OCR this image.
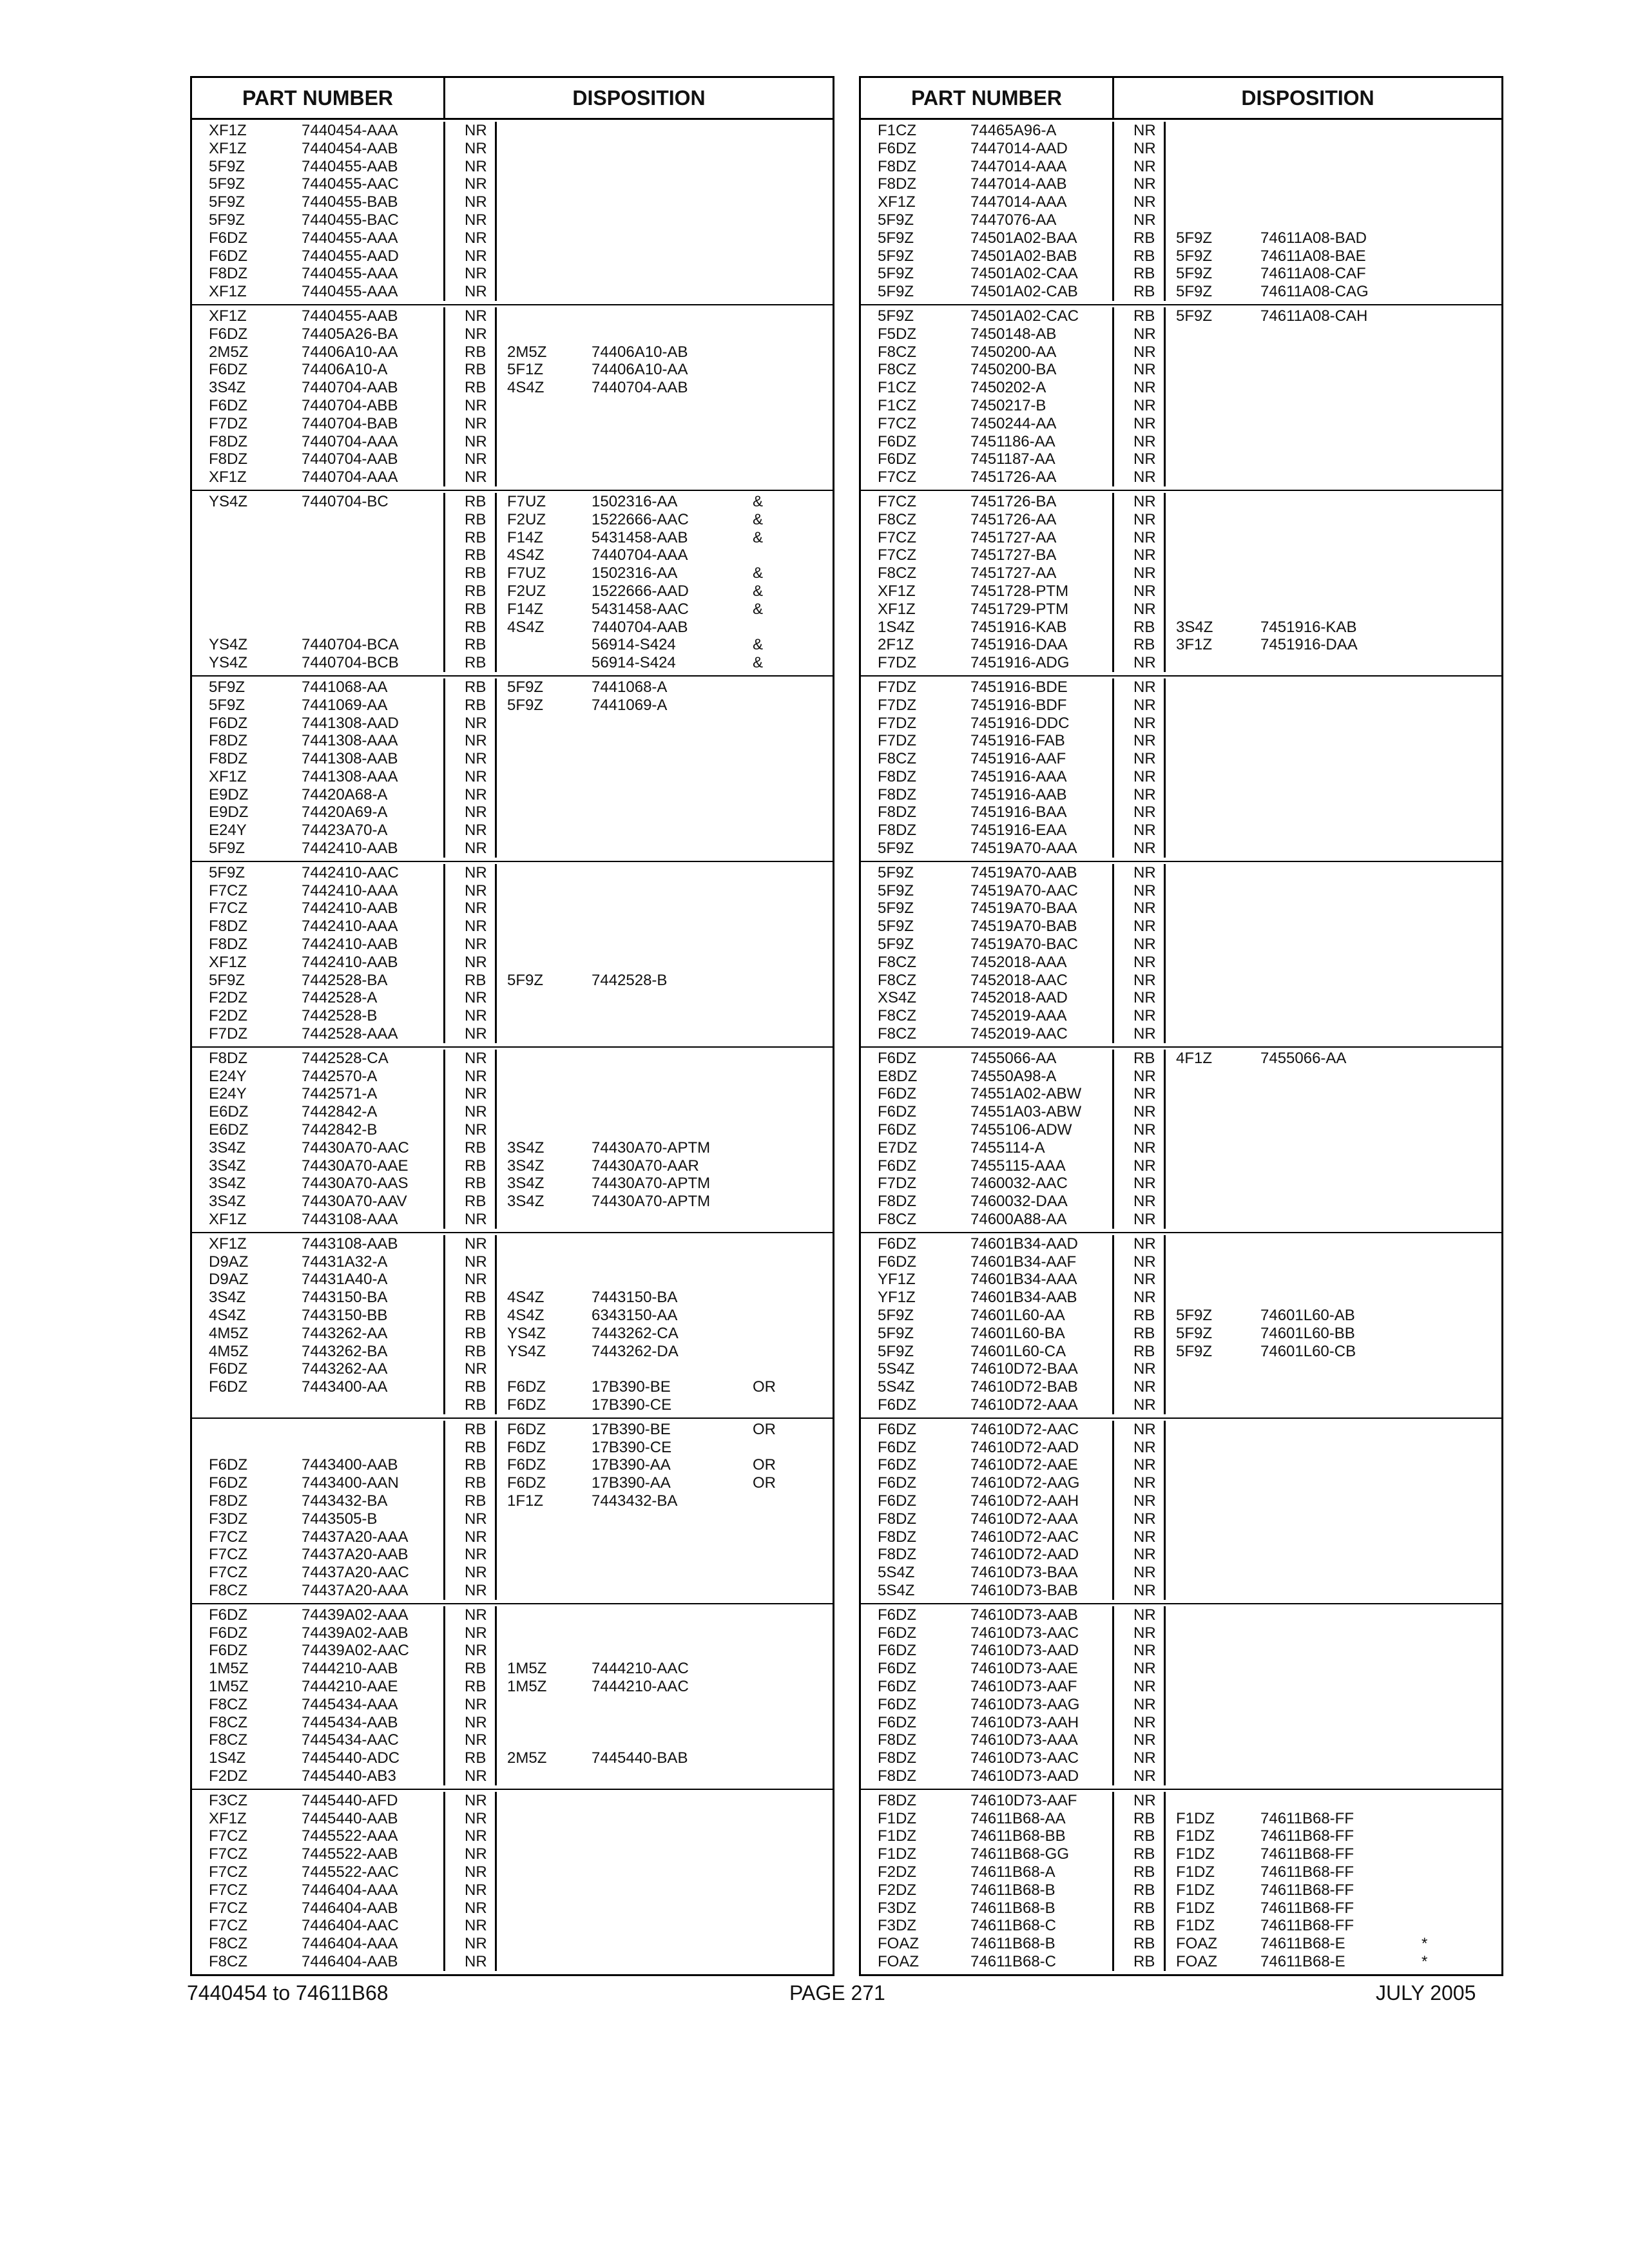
PART NUMBER	DISPOSITION
XF1Z	7440454-AAA	NR
XF1Z	7440454-AAB	NR
5F9Z	7440455-AAB	NR
5F9Z	7440455-AAC	NR
5F9Z	7440455-BAB	NR
5F9Z	7440455-BAC	NR
F6DZ	7440455-AAA	NR
F6DZ	7440455-AAD	NR
F8DZ	7440455-AAA	NR
XF1Z	7440455-AAA	NR
XF1Z	7440455-AAB	NR
F6DZ	74405A26-BA	NR
2M5Z	74406A10-AA	RB	2M5Z	74406A10-AB
F6DZ	74406A10-A	RB	5F1Z	74406A10-AA
3S4Z	7440704-AAB	RB	4S4Z	7440704-AAB
F6DZ	7440704-ABB	NR
F7DZ	7440704-BAB	NR
F8DZ	7440704-AAA	NR
F8DZ	7440704-AAB	NR
XF1Z	7440704-AAA	NR
YS4Z	7440704-BC	RB	F7UZ	1502316-AA	&
RB	F2UZ	1522666-AAC	&
RB	F14Z	5431458-AAB	&
RB	4S4Z	7440704-AAA
RB	F7UZ	1502316-AA	&
RB	F2UZ	1522666-AAD	&
RB	F14Z	5431458-AAC	&
RB	4S4Z	7440704-AAB
YS4Z	7440704-BCA	RB	56914-S424	&
YS4Z	7440704-BCB	RB	56914-S424	&
5F9Z	7441068-AA	RB	5F9Z	7441068-A
5F9Z	7441069-AA	RB	5F9Z	7441069-A
F6DZ	7441308-AAD	NR
F8DZ	7441308-AAA	NR
F8DZ	7441308-AAB	NR
XF1Z	7441308-AAA	NR
E9DZ	74420A68-A	NR
E9DZ	74420A69-A	NR
E24Y	74423A70-A	NR
5F9Z	7442410-AAB	NR
5F9Z	7442410-AAC	NR
F7CZ	7442410-AAA	NR
F7CZ	7442410-AAB	NR
F8DZ	7442410-AAA	NR
F8DZ	7442410-AAB	NR
XF1Z	7442410-AAB	NR
5F9Z	7442528-BA	RB	5F9Z	7442528-B
F2DZ	7442528-A	NR
F2DZ	7442528-B	NR
F7DZ	7442528-AAA	NR
F8DZ	7442528-CA	NR
E24Y	7442570-A	NR
E24Y	7442571-A	NR
E6DZ	7442842-A	NR
E6DZ	7442842-B	NR
3S4Z	74430A70-AAC	RB	3S4Z	74430A70-APTM
3S4Z	74430A70-AAE	RB	3S4Z	74430A70-AAR
3S4Z	74430A70-AAS	RB	3S4Z	74430A70-APTM
3S4Z	74430A70-AAV	RB	3S4Z	74430A70-APTM
XF1Z	7443108-AAA	NR
XF1Z	7443108-AAB	NR
D9AZ	74431A32-A	NR
D9AZ	74431A40-A	NR
3S4Z	7443150-BA	RB	4S4Z	7443150-BA
4S4Z	7443150-BB	RB	4S4Z	6343150-AA
4M5Z	7443262-AA	RB	YS4Z	7443262-CA
4M5Z	7443262-BA	RB	YS4Z	7443262-DA
F6DZ	7443262-AA	NR
F6DZ	7443400-AA	RB	F6DZ	17B390-BE	OR
RB	F6DZ	17B390-CE
RB	F6DZ	17B390-BE	OR
RB	F6DZ	17B390-CE
F6DZ	7443400-AAB	RB	F6DZ	17B390-AA	OR
F6DZ	7443400-AAN	RB	F6DZ	17B390-AA	OR
F8DZ	7443432-BA	RB	1F1Z	7443432-BA
F3DZ	7443505-B	NR
F7CZ	74437A20-AAA	NR
F7CZ	74437A20-AAB	NR
F7CZ	74437A20-AAC	NR
F8CZ	74437A20-AAA	NR
F6DZ	74439A02-AAA	NR
F6DZ	74439A02-AAB	NR
F6DZ	74439A02-AAC	NR
1M5Z	7444210-AAB	RB	1M5Z	7444210-AAC
1M5Z	7444210-AAE	RB	1M5Z	7444210-AAC
F8CZ	7445434-AAA	NR
F8CZ	7445434-AAB	NR
F8CZ	7445434-AAC	NR
1S4Z	7445440-ADC	RB	2M5Z	7445440-BAB
F2DZ	7445440-AB3	NR
F3CZ	7445440-AFD	NR
XF1Z	7445440-AAB	NR
F7CZ	7445522-AAA	NR
F7CZ	7445522-AAB	NR
F7CZ	7445522-AAC	NR
F7CZ	7446404-AAA	NR
F7CZ	7446404-AAB	NR
F7CZ	7446404-AAC	NR
F8CZ	7446404-AAA	NR
F8CZ	7446404-AAB	NR
PART NUMBER	DISPOSITION
F1CZ	74465A96-A	NR
F6DZ	7447014-AAD	NR
F8DZ	7447014-AAA	NR
F8DZ	7447014-AAB	NR
XF1Z	7447014-AAA	NR
5F9Z	7447076-AA	NR
5F9Z	74501A02-BAA	RB	5F9Z	74611A08-BAD
5F9Z	74501A02-BAB	RB	5F9Z	74611A08-BAE
5F9Z	74501A02-CAA	RB	5F9Z	74611A08-CAF
5F9Z	74501A02-CAB	RB	5F9Z	74611A08-CAG
5F9Z	74501A02-CAC	RB	5F9Z	74611A08-CAH
F5DZ	7450148-AB	NR
F8CZ	7450200-AA	NR
F8CZ	7450200-BA	NR
F1CZ	7450202-A	NR
F1CZ	7450217-B	NR
F7CZ	7450244-AA	NR
F6DZ	7451186-AA	NR
F6DZ	7451187-AA	NR
F7CZ	7451726-AA	NR
F7CZ	7451726-BA	NR
F8CZ	7451726-AA	NR
F7CZ	7451727-AA	NR
F7CZ	7451727-BA	NR
F8CZ	7451727-AA	NR
XF1Z	7451728-PTM	NR
XF1Z	7451729-PTM	NR
1S4Z	7451916-KAB	RB	3S4Z	7451916-KAB
2F1Z	7451916-DAA	RB	3F1Z	7451916-DAA
F7DZ	7451916-ADG	NR
F7DZ	7451916-BDE	NR
F7DZ	7451916-BDF	NR
F7DZ	7451916-DDC	NR
F7DZ	7451916-FAB	NR
F8CZ	7451916-AAF	NR
F8DZ	7451916-AAA	NR
F8DZ	7451916-AAB	NR
F8DZ	7451916-BAA	NR
F8DZ	7451916-EAA	NR
5F9Z	74519A70-AAA	NR
5F9Z	74519A70-AAB	NR
5F9Z	74519A70-AAC	NR
5F9Z	74519A70-BAA	NR
5F9Z	74519A70-BAB	NR
5F9Z	74519A70-BAC	NR
F8CZ	7452018-AAA	NR
F8CZ	7452018-AAC	NR
XS4Z	7452018-AAD	NR
F8CZ	7452019-AAA	NR
F8CZ	7452019-AAC	NR
F6DZ	7455066-AA	RB	4F1Z	7455066-AA
E8DZ	74550A98-A	NR
F6DZ	74551A02-ABW	NR
F6DZ	74551A03-ABW	NR
F6DZ	7455106-ADW	NR
E7DZ	7455114-A	NR
F6DZ	7455115-AAA	NR
F7DZ	7460032-AAC	NR
F8DZ	7460032-DAA	NR
F8CZ	74600A88-AA	NR
F6DZ	74601B34-AAD	NR
F6DZ	74601B34-AAF	NR
YF1Z	74601B34-AAA	NR
YF1Z	74601B34-AAB	NR
5F9Z	74601L60-AA	RB	5F9Z	74601L60-AB
5F9Z	74601L60-BA	RB	5F9Z	74601L60-BB
5F9Z	74601L60-CA	RB	5F9Z	74601L60-CB
5S4Z	74610D72-BAA	NR
5S4Z	74610D72-BAB	NR
F6DZ	74610D72-AAA	NR
F6DZ	74610D72-AAC	NR
F6DZ	74610D72-AAD	NR
F6DZ	74610D72-AAE	NR
F6DZ	74610D72-AAG	NR
F6DZ	74610D72-AAH	NR
F8DZ	74610D72-AAA	NR
F8DZ	74610D72-AAC	NR
F8DZ	74610D72-AAD	NR
5S4Z	74610D73-BAA	NR
5S4Z	74610D73-BAB	NR
F6DZ	74610D73-AAB	NR
F6DZ	74610D73-AAC	NR
F6DZ	74610D73-AAD	NR
F6DZ	74610D73-AAE	NR
F6DZ	74610D73-AAF	NR
F6DZ	74610D73-AAG	NR
F6DZ	74610D73-AAH	NR
F8DZ	74610D73-AAA	NR
F8DZ	74610D73-AAC	NR
F8DZ	74610D73-AAD	NR
F8DZ	74610D73-AAF	NR
F1DZ	74611B68-AA	RB	F1DZ	74611B68-FF
F1DZ	74611B68-BB	RB	F1DZ	74611B68-FF
F1DZ	74611B68-GG	RB	F1DZ	74611B68-FF
F2DZ	74611B68-A	RB	F1DZ	74611B68-FF
F2DZ	74611B68-B	RB	F1DZ	74611B68-FF
F3DZ	74611B68-B	RB	F1DZ	74611B68-FF
F3DZ	74611B68-C	RB	F1DZ	74611B68-FF
FOAZ	74611B68-B	RB	FOAZ	74611B68-E	*
FOAZ	74611B68-C	RB	FOAZ	74611B68-E	*
7440454 to 74611B68	PAGE 271	JULY 2005
